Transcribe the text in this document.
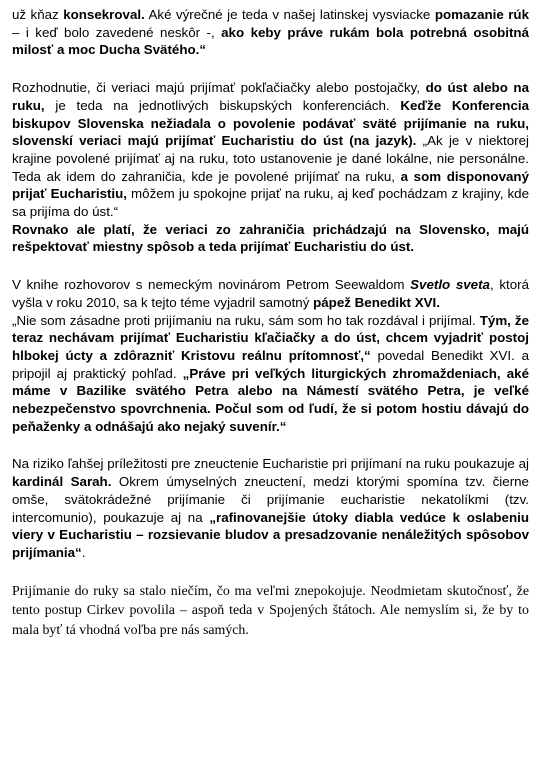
už kňaz konsekroval. Aké výrečné je teda v našej latinskej vysviacke pomazanie rúk – i keď bolo zavedené neskôr -, ako keby práve rukám bola potrebná osobitná milosť a moc Ducha Svätého.“
Rozhodnutie, či veriaci majú prijímať pokľačiačky alebo postojačky, do úst alebo na ruku, je teda na jednotlivých biskupských konferenciách. Keďže Konferencia biskupov Slovenska nežiadala o povolenie podávať sväté prijímanie na ruku, slovenskí veriaci majú prijímať Eucharistiu do úst (na jazyk). „Ak je v niektorej krajine povolené prijímať aj na ruku, toto ustanovenie je dané lokálne, nie personálne. Teda ak idem do zahraničia, kde je povolené prijímať na ruku, a som disponovaný prijať Eucharistiu, môžem ju spokojne prijať na ruku, aj keď pochádzam z krajiny, kde sa prijíma do úst.“
Rovnako ale platí, že veriaci zo zahraničia prichádzajú na Slovensko, majú rešpektovať miestny spôsob a teda prijímať Eucharistiu do úst.
V knihe rozhovorov s nemeckým novinárom Petrom Seewaldom Svetlo sveta, ktorá vyšla v roku 2010, sa k tejto téme vyjadril samotný pápež Benedikt XVI.
„Nie som zásadne proti prijímaniu na ruku, sám som ho tak rozdával i prijímal. Tým, že teraz nechávam prijímať Eucharistiu kľačiačky a do úst, chcem vyjadriť postoj hlbokej úcty a zdôrazniť Kristovu reálnu prítomnosť,“ povedal Benedikt XVI. a pripojil aj praktický pohľad. „Práve pri veľkých liturgických zhromaždeniach, aké máme v Bazilike svätého Petra alebo na Námestí svätého Petra, je veľké nebezpečenstvo spovrchnenia. Počul som od ľudí, že si potom hostiu dávajú do peňaženky a odnášajú ako nejaký suvenír.“
Na riziko ľahšej príležitosti pre zneuctenie Eucharistie pri prijímaní na ruku poukazuje aj kardinál Sarah. Okrem úmyselných zneuctení, medzi ktorými spomína tzv. čierne omše, svätokrádežné prijímanie či prijímanie eucharistie nekatolíkmi (tzv. intercomunio), poukazuje aj na „rafinovanejšie útoky diabla vedúce k oslabeniu viery v Eucharistiu – rozsievanie bludov a presadzovanie nenáležitých spôsobov prijímania“.
Prijímanie do ruky sa stalo niečím, čo ma veľmi znepokojuje. Neodmietam skutočnosť, že tento postup Cirkev povolila – aspoň teda v Spojených štátoch. Ale nemyslím si, že by to mala byť tá vhodná voľba pre nás samých.
